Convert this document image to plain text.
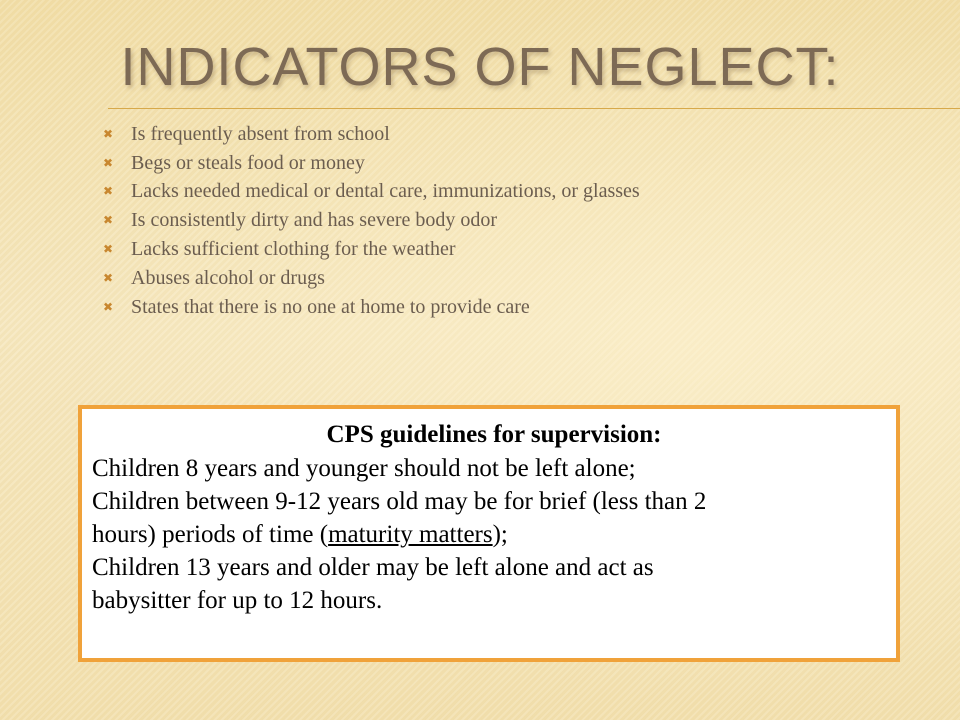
INDICATORS OF NEGLECT:
✖ Is frequently absent from school
✖ Begs or steals food or money
✖ Lacks needed medical or dental care, immunizations, or glasses
✖ Is consistently dirty and has severe body odor
✖ Lacks sufficient clothing for the weather
✖ Abuses alcohol or drugs
✖ States that there is no one at home to provide care

CPS guidelines for supervision:

Children 8 years and younger should not be left alone;

Children between 9-12 years old may be for brief (less than 2

hours) periods of time (maturity matters);

Children 13 years and older may be left alone and act as

babysitter for up to 12 hours.
